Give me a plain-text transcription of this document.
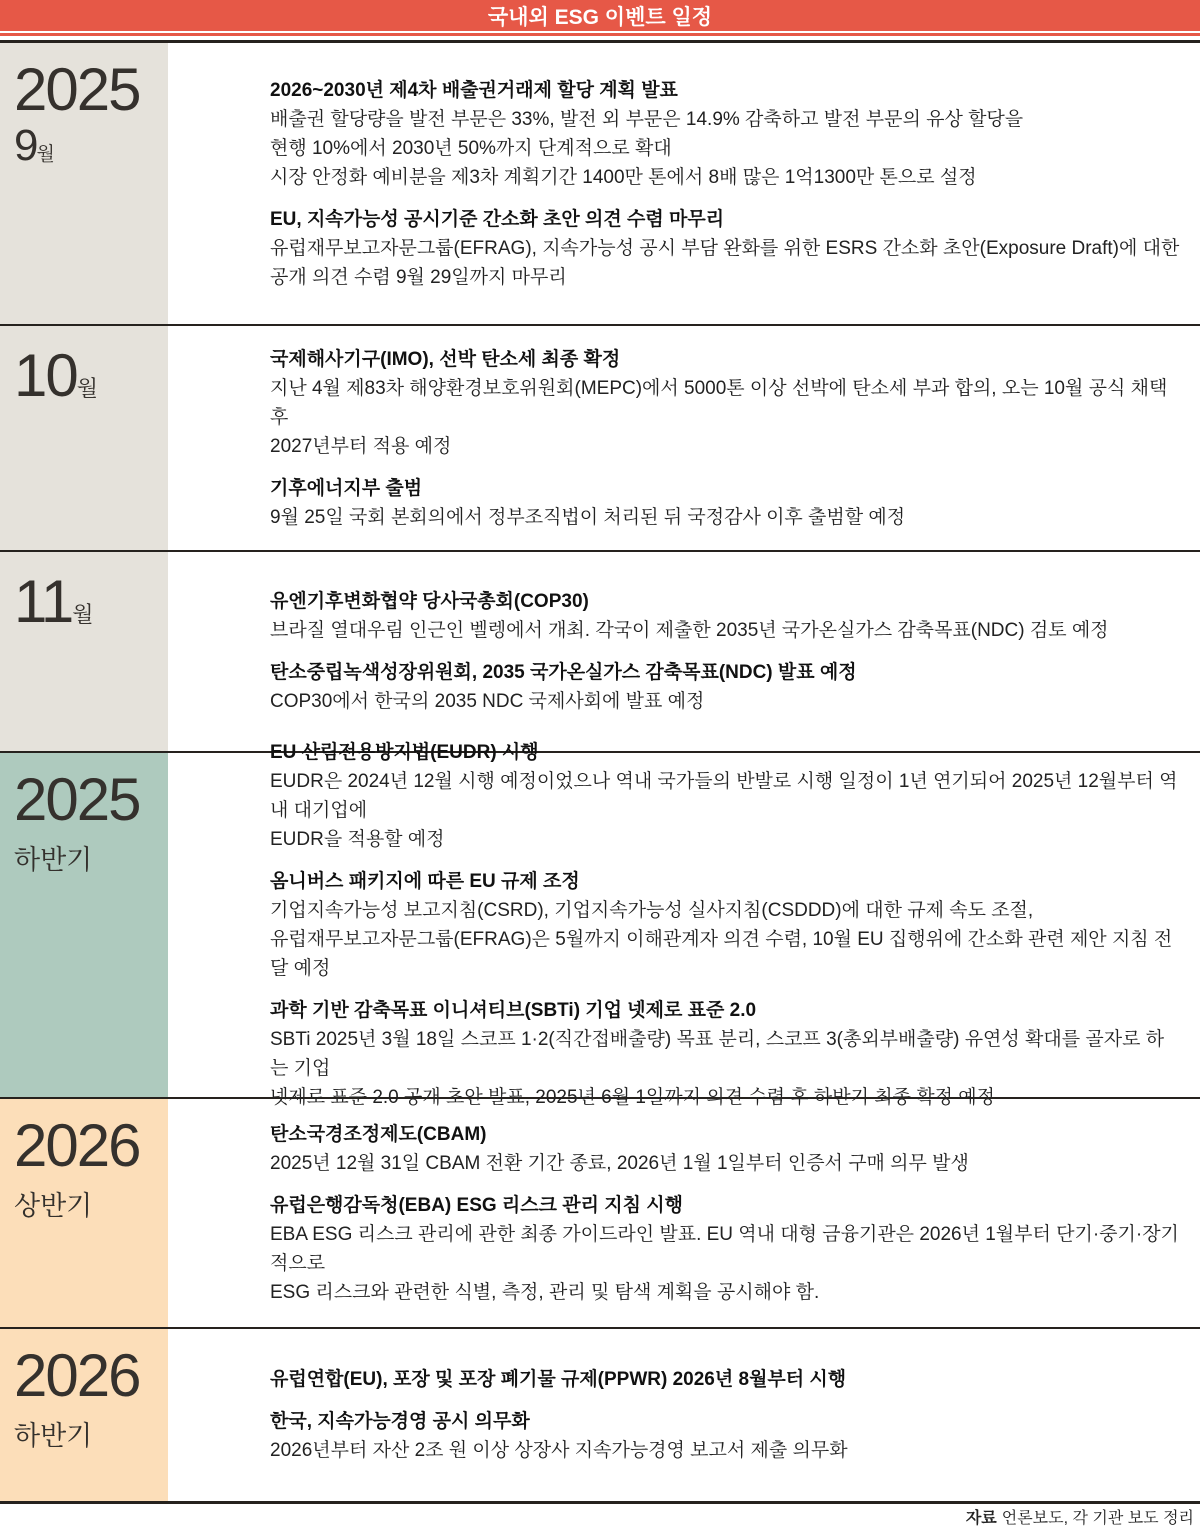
국내외 ESG 이벤트 일정
2025
9월
2026~2030년 제4차 배출권거래제 할당 계획 발표
배출권 할당량을 발전 부문은 33%, 발전 외 부문은 14.9% 감축하고 발전 부문의 유상 할당을
현행 10%에서 2030년 50%까지 단계적으로 확대
시장 안정화 예비분을 제3차 계획기간 1400만 톤에서 8배 많은 1억1300만 톤으로 설정
EU, 지속가능성 공시기준 간소화 초안 의견 수렴 마무리
유럽재무보고자문그룹(EFRAG), 지속가능성 공시 부담 완화를 위한 ESRS 간소화 초안(Exposure Draft)에 대한
공개 의견 수렴 9월 29일까지 마무리
10월
국제해사기구(IMO), 선박 탄소세 최종 확정
지난 4월 제83차 해양환경보호위원회(MEPC)에서 5000톤 이상 선박에 탄소세 부과 합의, 오는 10월 공식 채택 후
2027년부터 적용 예정
기후에너지부 출범
9월 25일 국회 본회의에서 정부조직법이 처리된 뒤 국정감사 이후 출범할 예정
11월
유엔기후변화협약 당사국총회(COP30)
브라질 열대우림 인근인 벨렝에서 개최. 각국이 제출한 2035년 국가온실가스 감축목표(NDC) 검토 예정
탄소중립녹색성장위원회, 2035 국가온실가스 감축목표(NDC) 발표 예정
COP30에서 한국의 2035 NDC 국제사회에 발표 예정
2025
하반기
EU 산림전용방지법(EUDR) 시행
EUDR은 2024년 12월 시행 예정이었으나 역내 국가들의 반발로 시행 일정이 1년 연기되어 2025년 12월부터 역내 대기업에
EUDR을 적용할 예정
옴니버스 패키지에 따른 EU 규제 조정
기업지속가능성 보고지침(CSRD), 기업지속가능성 실사지침(CSDDD)에 대한 규제 속도 조절,
유럽재무보고자문그룹(EFRAG)은 5월까지 이해관계자 의견 수렴, 10월 EU 집행위에 간소화 관련 제안 지침 전달 예정
과학 기반 감축목표 이니셔티브(SBTi) 기업 넷제로 표준 2.0
SBTi 2025년 3월 18일 스코프 1·2(직간접배출량) 목표 분리, 스코프 3(총외부배출량) 유연성 확대를 골자로 하는 기업
넷제로 표준 2.0 공개 초안 발표, 2025년 6월 1일까지 의견 수렴 후 하반기 최종 확정 예정
2026
상반기
탄소국경조정제도(CBAM)
2025년 12월 31일 CBAM 전환 기간 종료, 2026년 1월 1일부터 인증서 구매 의무 발생
유럽은행감독청(EBA) ESG 리스크 관리 지침 시행
EBA ESG 리스크 관리에 관한 최종 가이드라인 발표. EU 역내 대형 금융기관은 2026년 1월부터 단기·중기·장기적으로
ESG 리스크와 관련한 식별, 측정, 관리 및 탐색 계획을 공시해야 함.
2026
하반기
유럽연합(EU), 포장 및 포장 폐기물 규제(PPWR) 2026년 8월부터 시행
한국, 지속가능경영 공시 의무화
2026년부터 자산 2조 원 이상 상장사 지속가능경영 보고서 제출 의무화
자료 언론보도, 각 기관 보도 정리
